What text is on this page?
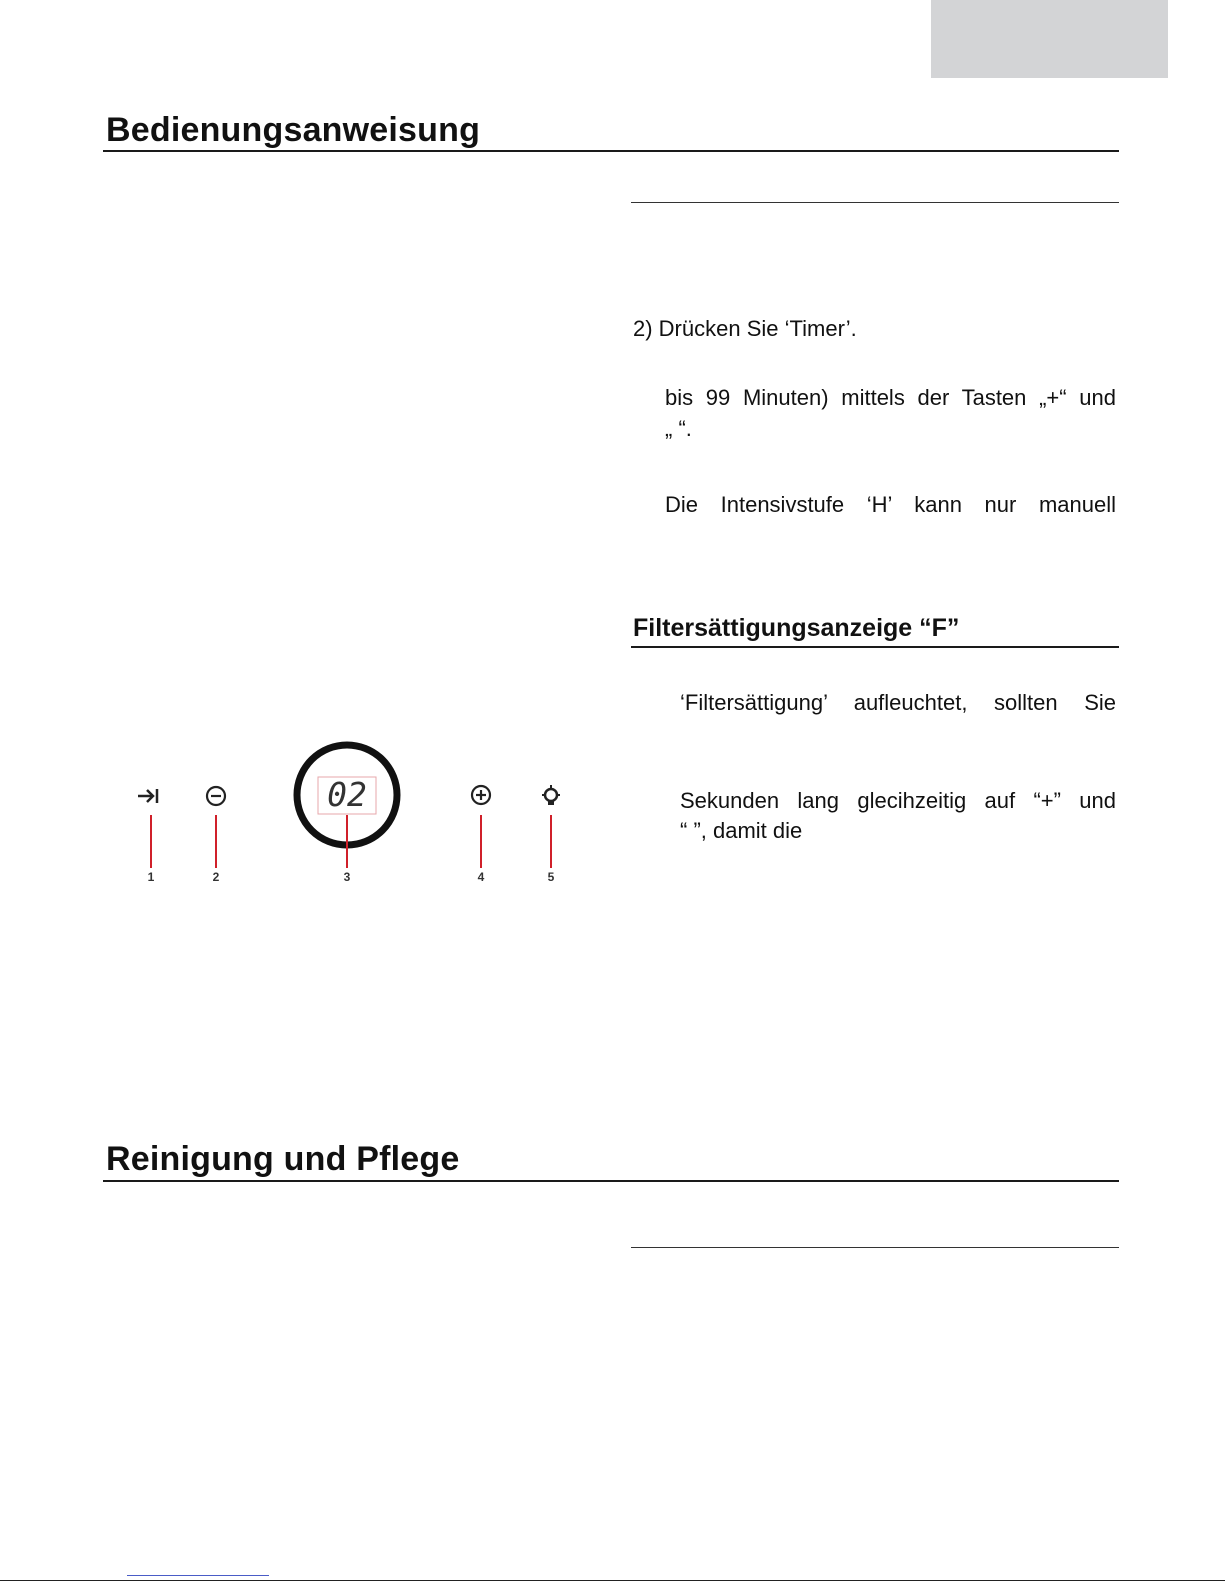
Bedienungsanweisung
2) Drücken Sie ‘Timer’.
bis 99 Minuten) mittels der Tasten „+“ und
„ “.
Die Intensivstufe ‘H’ kann nur manuell
Filtersättigungsanzeige “F”
‘Filtersättigung’ aufleuchtet, sollten Sie
Sekunden lang glecihzeitig auf “+” und
“ ”, damit die
1	2
02
3	4	5
Reinigung und Pflege
